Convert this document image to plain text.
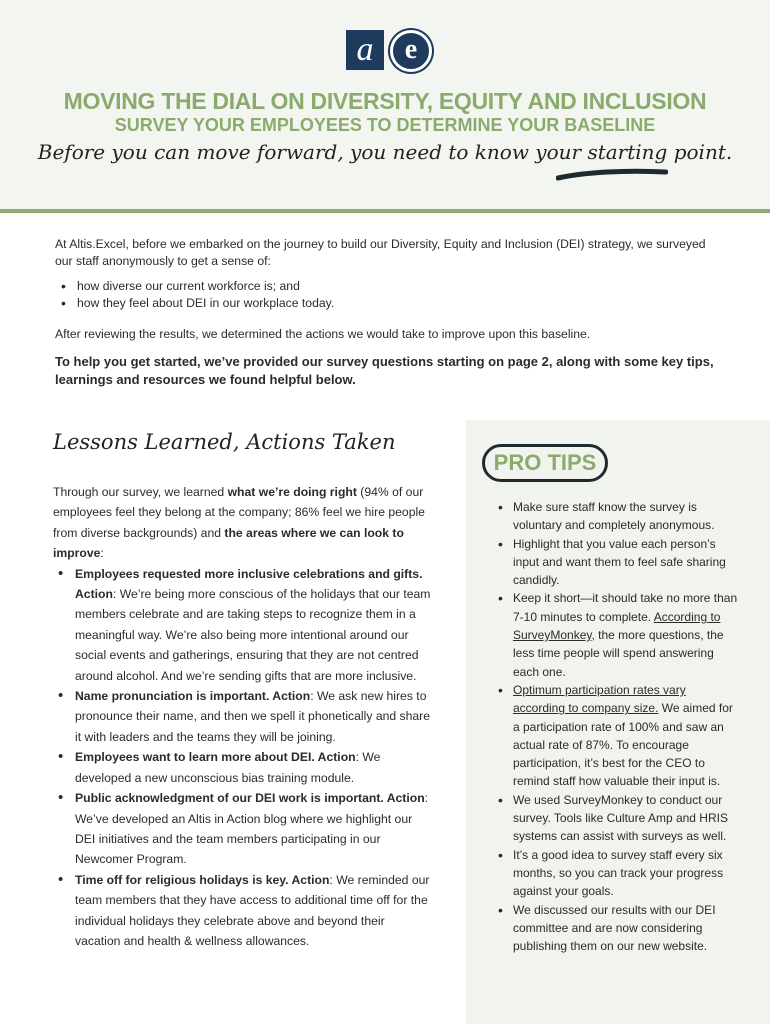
a	e
MOVING THE DIAL ON DIVERSITY, EQUITY AND INCLUSION
SURVEY YOUR EMPLOYEES TO DETERMINE YOUR BASELINE
Before you can move forward, you need to know your starting point.

At Altis.Excel, before we embarked on the journey to build our Diversity, Equity and Inclusion (DEI) strategy, we surveyed our staff anonymously to get a sense of:

• how diverse our current workforce is; and
• how they feel about DEI in our workplace today.

After reviewing the results, we determined the actions we would take to improve upon this baseline.

To help you get started, we’ve provided our survey questions starting on page 2, along with some key tips, learnings and resources we found helpful below.

Lessons Learned, Actions Taken

Through our survey, we learned what we’re doing right (94% of our employees feel they belong at the company; 86% feel we hire people from diverse backgrounds) and the areas where we can look to improve:

• Employees requested more inclusive celebrations and gifts. Action: We’re being more conscious of the holidays that our team members celebrate and are taking steps to recognize them in a meaningful way. We’re also being more intentional around our social events and gatherings, ensuring that they are not centred around alcohol. And we’re sending gifts that are more inclusive.
• Name pronunciation is important. Action: We ask new hires to pronounce their name, and then we spell it phonetically and share it with leaders and the teams they will be joining.
• Employees want to learn more about DEI. Action: We developed a new unconscious bias training module.
• Public acknowledgment of our DEI work is important. Action: We’ve developed an Altis in Action blog where we highlight our DEI initiatives and the team members participating in our Newcomer Program.
• Time off for religious holidays is key. Action: We reminded our team members that they have access to additional time off for the individual holidays they celebrate above and beyond their vacation and health & wellness allowances.
PRO TIPS
• Make sure staff know the survey is voluntary and completely anonymous.
• Highlight that you value each person’s input and want them to feel safe sharing candidly.
• Keep it short—it should take no more than 7-10 minutes to complete. According to SurveyMonkey, the more questions, the less time people will spend answering each one.
• Optimum participation rates vary according to company size. We aimed for a participation rate of 100% and saw an actual rate of 87%. To encourage participation, it’s best for the CEO to remind staff how valuable their input is.
• We used SurveyMonkey to conduct our survey. Tools like Culture Amp and HRIS systems can assist with surveys as well.
• It’s a good idea to survey staff every six months, so you can track your progress against your goals.
• We discussed our results with our DEI committee and are now considering publishing them on our new website.
